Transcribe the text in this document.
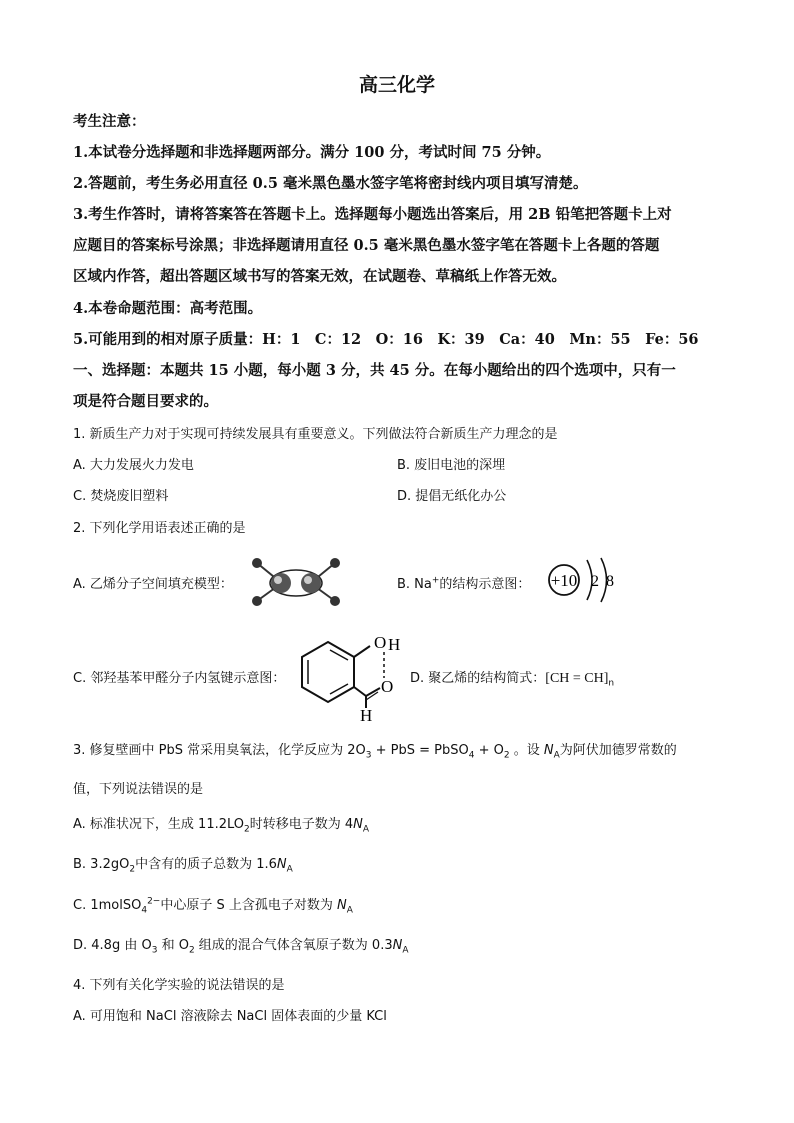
高三化学
考生注意：
1.本试卷分选择题和非选择题两部分。满分 100 分，考试时间 75 分钟。
2.答题前，考生务必用直径 0.5 毫米黑色墨水签字笔将密封线内项目填写清楚。
3.考生作答时，请将答案答在答题卡上。选择题每小题选出答案后，用 2B 铅笔把答题卡上对
应题目的答案标号涂黑；非选择题请用直径 0.5 毫米黑色墨水签字笔在答题卡上各题的答题
区域内作答，超出答题区域书写的答案无效，在试题卷、草稿纸上作答无效。
4.本卷命题范围：高考范围。
5.可能用到的相对原子质量：H：1　C：12　O：16　K：39　Ca：40　Mn：55　Fe：56
一、选择题：本题共 15 小题，每小题 3 分，共 45 分。在每小题给出的四个选项中，只有一
项是符合题目要求的。
1. 新质生产力对于实现可持续发展具有重要意义。下列做法符合新质生产力理念的是
A. 大力发展火力发电	B. 废旧电池的深埋
C. 焚烧废旧塑料	D. 提倡无纸化办公
2. 下列化学用语表述正确的是
A. 乙烯分子空间填充模型：	B. Na+的结构示意图： +10 2 8
C. 邻羟基苯甲醛分子内氢键示意图：
O H
O
H
D. 聚乙烯的结构简式：$[CH = CH]_n$
3. 修复壁画中 PbS 常采用臭氧法，化学反应为 $2O_3$ + PbS = PbSO$_4$ + $O_2$ 。设 $N_A$为阿伏加德罗常数的
值，下列说法错误的是
A. 标准状况下，生成 $11.2LO_2$时转移电子数为 $4N_A$
B. $3.2gO_2$中含有的质子总数为 $1.6N_A$
C. 1molSO$_4^{2-}$中心原子 S 上含孤电子对数为 $N_A$
D. 4.8g 由 $O_3$ 和 $O_2$ 组成的混合气体含氧原子数为 $0.3N_A$
4. 下列有关化学实验的说法错误的是
A. 可用饱和 NaCl 溶液除去 NaCl 固体表面的少量 KCl
